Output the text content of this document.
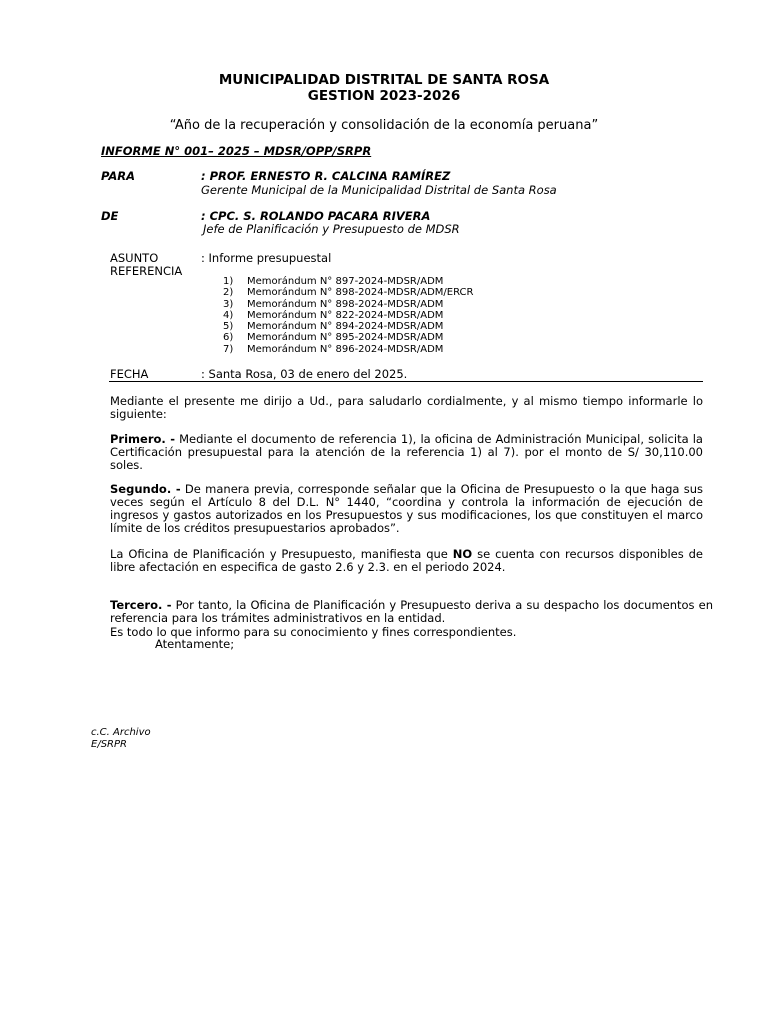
MUNICIPALIDAD DISTRITAL DE SANTA ROSA
GESTION 2023-2026
“Año de la recuperación y consolidación de la economía peruana”
INFORME N° 001– 2025 – MDSR/OPP/SRPR
PARA	: PROF. ERNESTO R. CALCINA RAMÍREZ
Gerente Municipal de la Municipalidad Distrital de Santa Rosa
DE	: CPC. S. ROLANDO PACARA RIVERA
Jefe de Planificación y Presupuesto de MDSR
ASUNTO	: Informe presupuestal
REFERENCIA
1)	Memorándum N° 897-2024-MDSR/ADM
2)	Memorándum N° 898-2024-MDSR/ADM/ERCR
3)	Memorándum N° 898-2024-MDSR/ADM
4)	Memorándum N° 822-2024-MDSR/ADM
5)	Memorándum N° 894-2024-MDSR/ADM
6)	Memorándum N° 895-2024-MDSR/ADM
7)	Memorándum N° 896-2024-MDSR/ADM
FECHA	: Santa Rosa, 03 de enero del 2025.
Mediante el presente me dirijo a Ud., para saludarlo cordialmente, y al mismo tiempo informarle lo siguiente:
Primero. - Mediante el documento de referencia 1), la oficina de Administración Municipal, solicita la Certificación presupuestal para la atención de la referencia 1) al 7). por el monto de S/ 30,110.00 soles.
Segundo. - De manera previa, corresponde señalar que la Oficina de Presupuesto o la que haga sus veces según el Artículo 8 del D.L. N° 1440, “coordina y controla la información de ejecución de ingresos y gastos autorizados en los Presupuestos y sus modificaciones, los que constituyen el marco límite de los créditos presupuestarios aprobados”.
La Oficina de Planificación y Presupuesto, manifiesta que NO se cuenta con recursos disponibles de libre afectación en especifica de gasto 2.6 y 2.3. en el periodo 2024.
Tercero. - Por tanto, la Oficina de Planificación y Presupuesto deriva a su despacho los documentos en referencia para los trámites administrativos en la entidad.
Es todo lo que informo para su conocimiento y fines correspondientes.
Atentamente;
c.C. Archivo
E/SRPR
